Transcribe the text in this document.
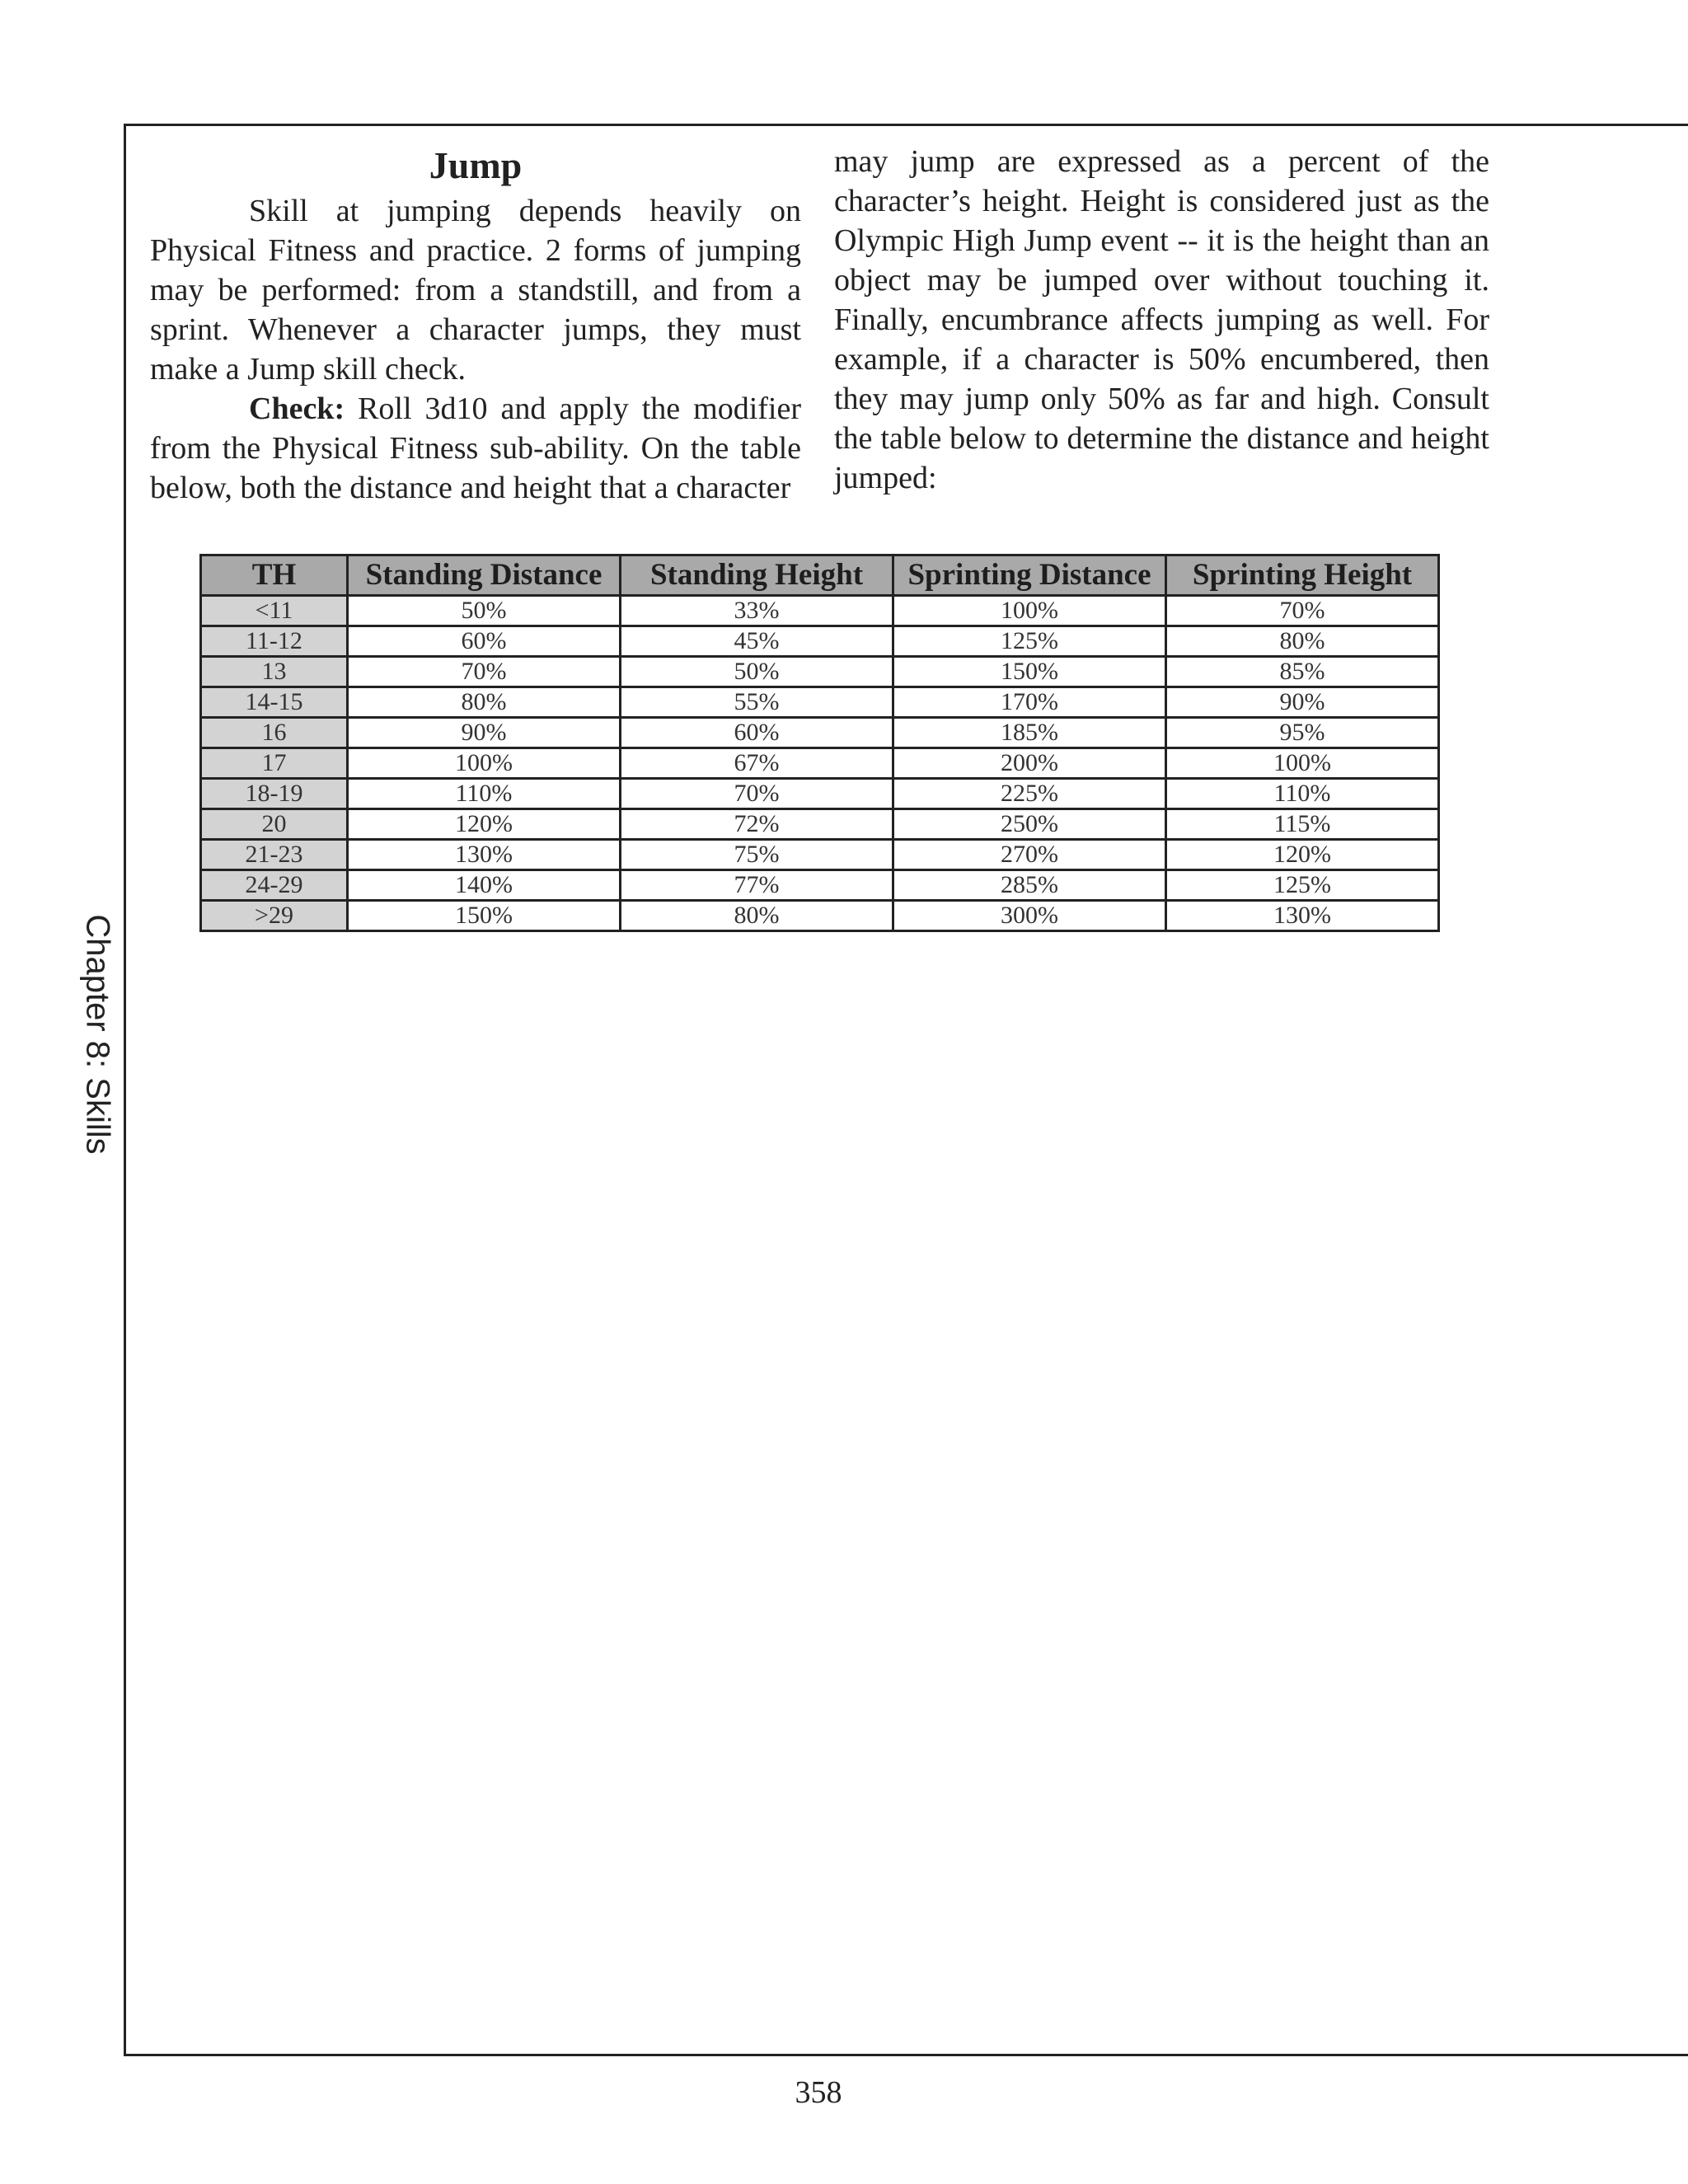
Chapter 8: Skills
Jump

Skill at jumping depends heavily on Physical Fitness and practice. 2 forms of jumping may be performed: from a standstill, and from a sprint. Whenever a character jumps, they must make a Jump skill check.

Check: Roll 3d10 and apply the modifier from the Physical Fitness sub-ability. On the table below, both the distance and height that a character

may jump are expressed as a percent of the character’s height. Height is considered just as the Olympic High Jump event -- it is the height than an object may be jumped over without touching it. Finally, encumbrance affects jumping as well. For example, if a character is 50% encumbered, then they may jump only 50% as far and high. Consult the table below to determine the distance and height jumped:

TH	Standing Distance	Standing Height	Sprinting Distance	Sprinting Height
<11	50%	33%	100%	70%
11-12	60%	45%	125%	80%
13	70%	50%	150%	85%
14-15	80%	55%	170%	90%
16	90%	60%	185%	95%
17	100%	67%	200%	100%
18-19	110%	70%	225%	110%
20	120%	72%	250%	115%
21-23	130%	75%	270%	120%
24-29	140%	77%	285%	125%
>29	150%	80%	300%	130%
358
